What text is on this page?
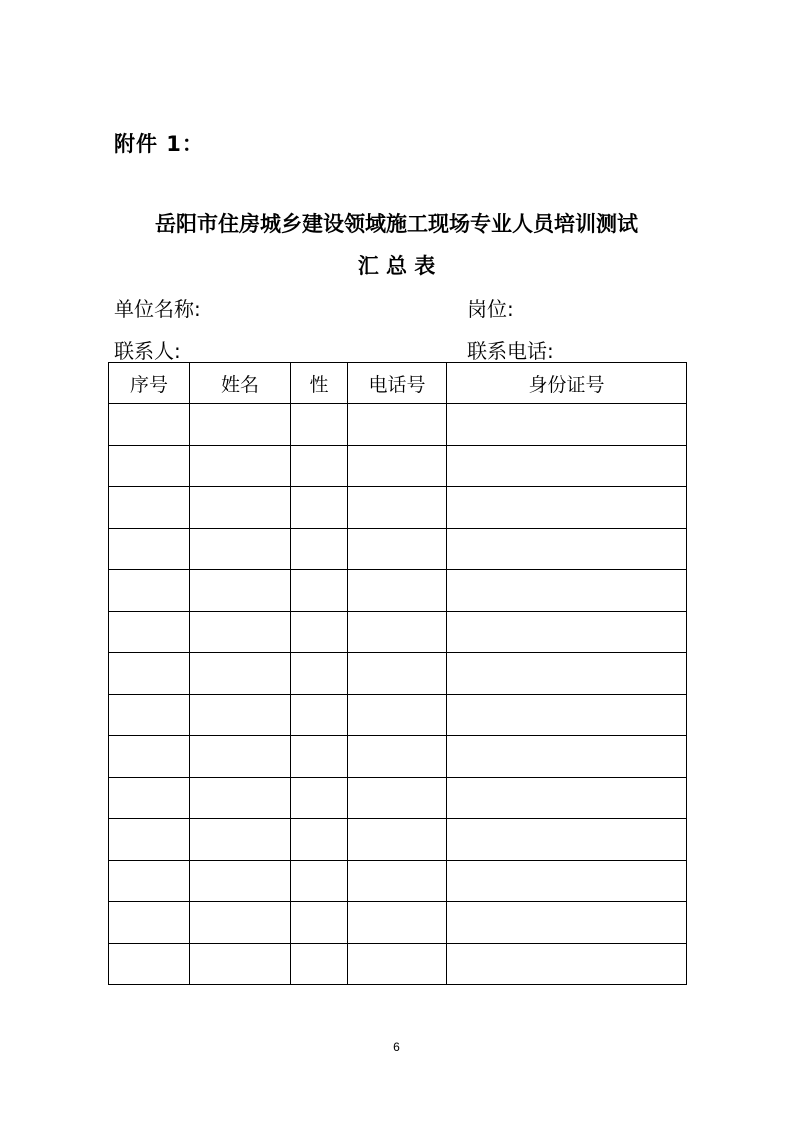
附件 1：
岳阳市住房城乡建设领域施工现场专业人员培训测试
汇 总 表
单位名称:	岗位:
联系人:	联系电话:
序号	姓名	性	电话号	身份证号

6
